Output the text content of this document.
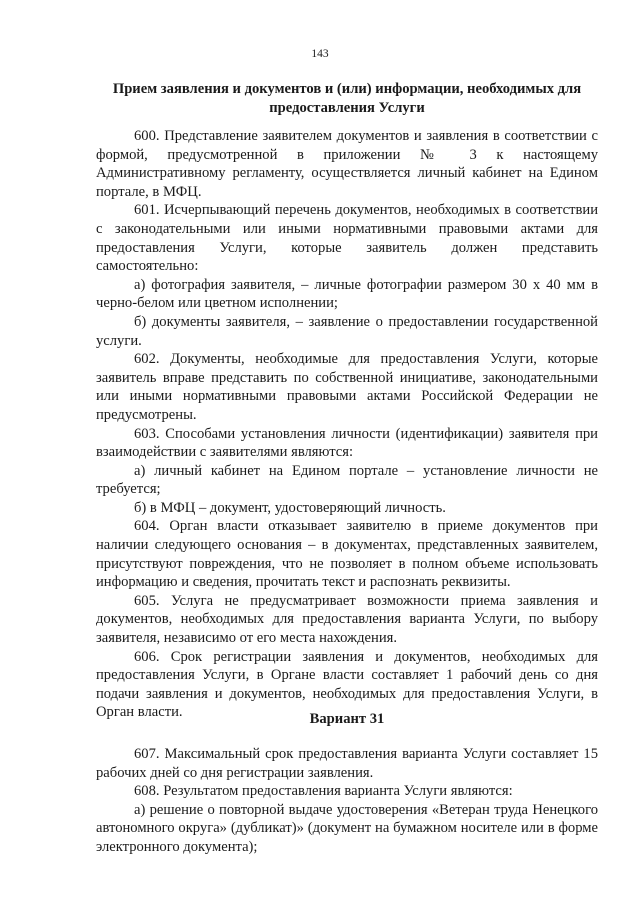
143
Прием заявления и документов и (или) информации, необходимых для предоставления Услуги

600. Представление заявителем документов и заявления в соответствии с формой, предусмотренной в приложении № 3 к настоящему Административному регламенту, осуществляется личный кабинет на Едином портале, в МФЦ.

601. Исчерпывающий перечень документов, необходимых в соответствии с законодательными или иными нормативными правовыми актами для предоставления Услуги, которые заявитель должен представить самостоятельно:

а) фотография заявителя, – личные фотографии размером 30 х 40 мм в черно-белом или цветном исполнении;

б) документы заявителя, – заявление о предоставлении государственной услуги.

602. Документы, необходимые для предоставления Услуги, которые заявитель вправе представить по собственной инициативе, законодательными или иными нормативными правовыми актами Российской Федерации не предусмотрены.

603. Способами установления личности (идентификации) заявителя при взаимодействии с заявителями являются:

а) личный кабинет на Едином портале – установление личности не требуется;

б) в МФЦ – документ, удостоверяющий личность.

604. Орган власти отказывает заявителю в приеме документов при наличии следующего основания – в документах, представленных заявителем, присутствуют повреждения, что не позволяет в полном объеме использовать информацию и сведения, прочитать текст и распознать реквизиты.

605. Услуга не предусматривает возможности приема заявления и документов, необходимых для предоставления варианта Услуги, по выбору заявителя, независимо от его места нахождения.

606. Срок регистрации заявления и документов, необходимых для предоставления Услуги, в Органе власти составляет 1 рабочий день со дня подачи заявления и документов, необходимых для предоставления Услуги, в Орган власти.	Вариант 31

607. Максимальный срок предоставления варианта Услуги составляет 15 рабочих дней со дня регистрации заявления.

608. Результатом предоставления варианта Услуги являются:

а) решение о повторной выдаче удостоверения «Ветеран труда Ненецкого автономного округа» (дубликат)» (документ на бумажном носителе или в форме электронного документа);
